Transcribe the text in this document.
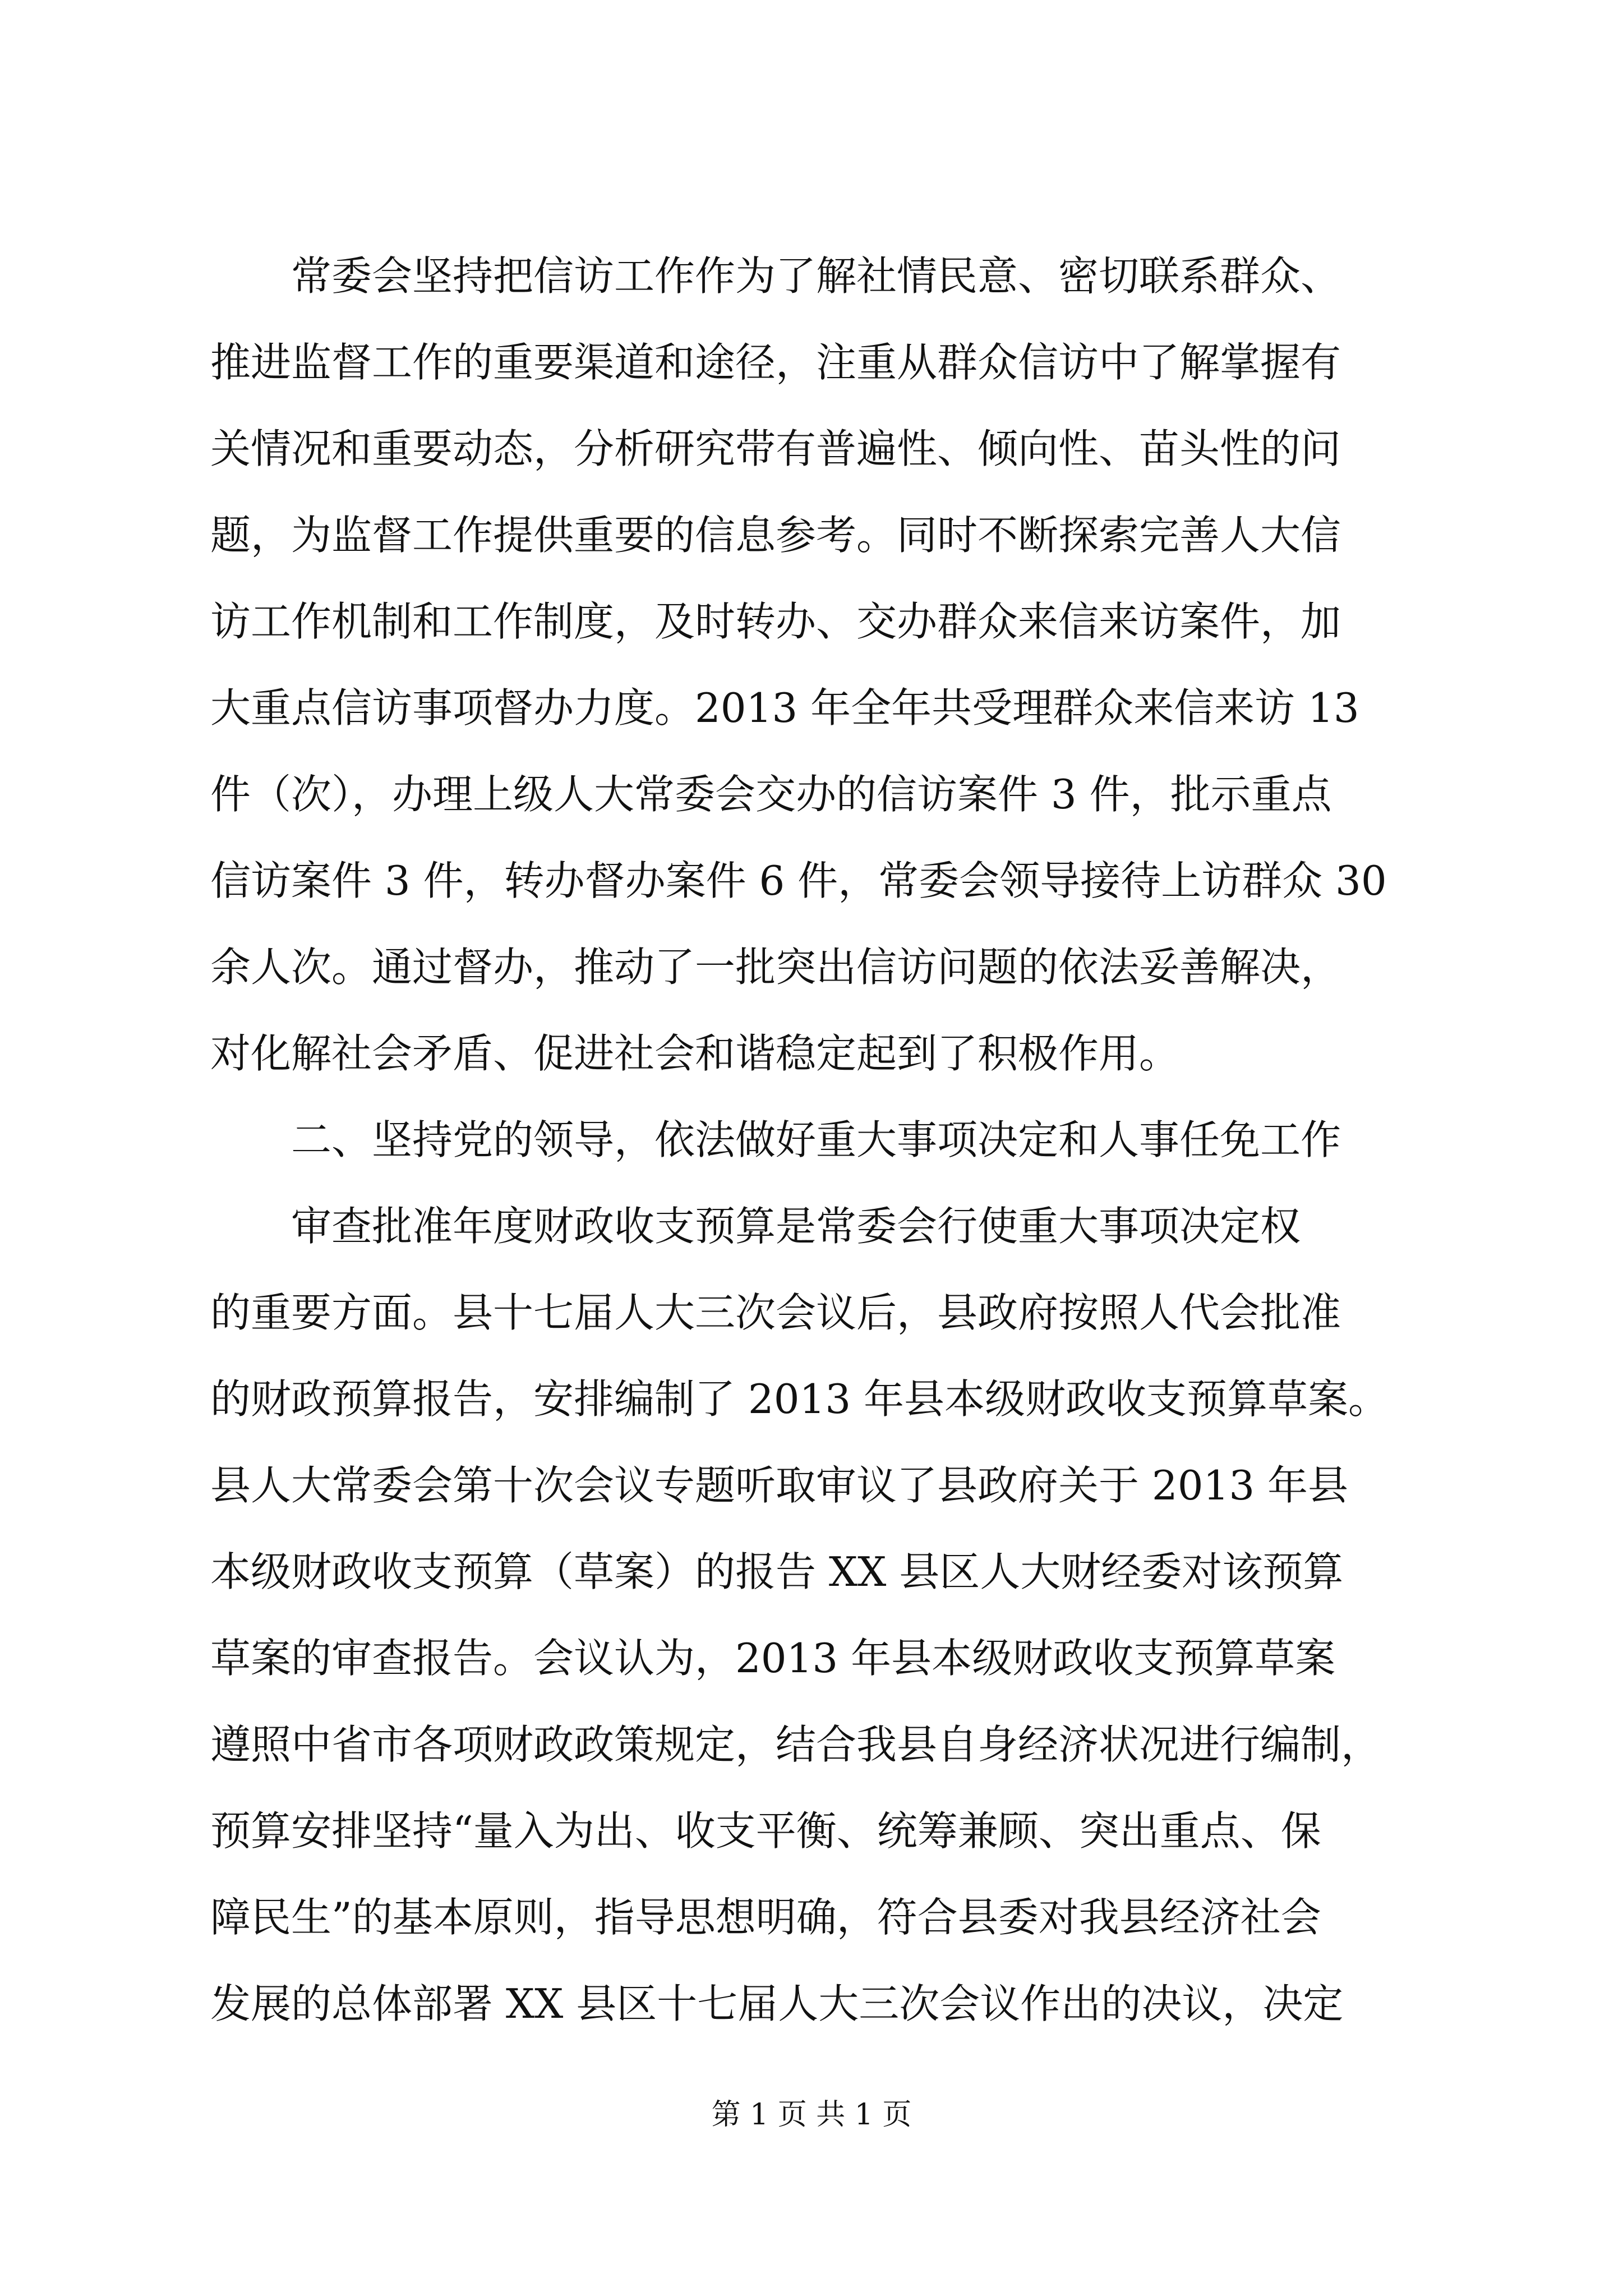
　　常委会坚持把信访工作作为了解社情民意、密切联系群众、
推进监督工作的重要渠道和途径，注重从群众信访中了解掌握有
关情况和重要动态，分析研究带有普遍性、倾向性、苗头性的问
题，为监督工作提供重要的信息参考。同时不断探索完善人大信
访工作机制和工作制度，及时转办、交办群众来信来访案件，加
大重点信访事项督办力度。2013 年全年共受理群众来信来访 13
件（次），办理上级人大常委会交办的信访案件 3 件，批示重点
信访案件 3 件，转办督办案件 6 件，常委会领导接待上访群众 30
余人次。通过督办，推动了一批突出信访问题的依法妥善解决，
对化解社会矛盾、促进社会和谐稳定起到了积极作用。
　　二、坚持党的领导，依法做好重大事项决定和人事任免工作
　　审查批准年度财政收支预算是常委会行使重大事项决定权
的重要方面。县十七届人大三次会议后，县政府按照人代会批准
的财政预算报告，安排编制了 2013 年县本级财政收支预算草案。
县人大常委会第十次会议专题听取审议了县政府关于 2013 年县
本级财政收支预算（草案）的报告 XX 县区人大财经委对该预算
草案的审查报告。会议认为，2013 年县本级财政收支预算草案
遵照中省市各项财政政策规定，结合我县自身经济状况进行编制，
预算安排坚持“量入为出、收支平衡、统筹兼顾、突出重点、保
障民生”的基本原则，指导思想明确，符合县委对我县经济社会
发展的总体部署 XX 县区十七届人大三次会议作出的决议，决定
第 1 页 共 1 页
